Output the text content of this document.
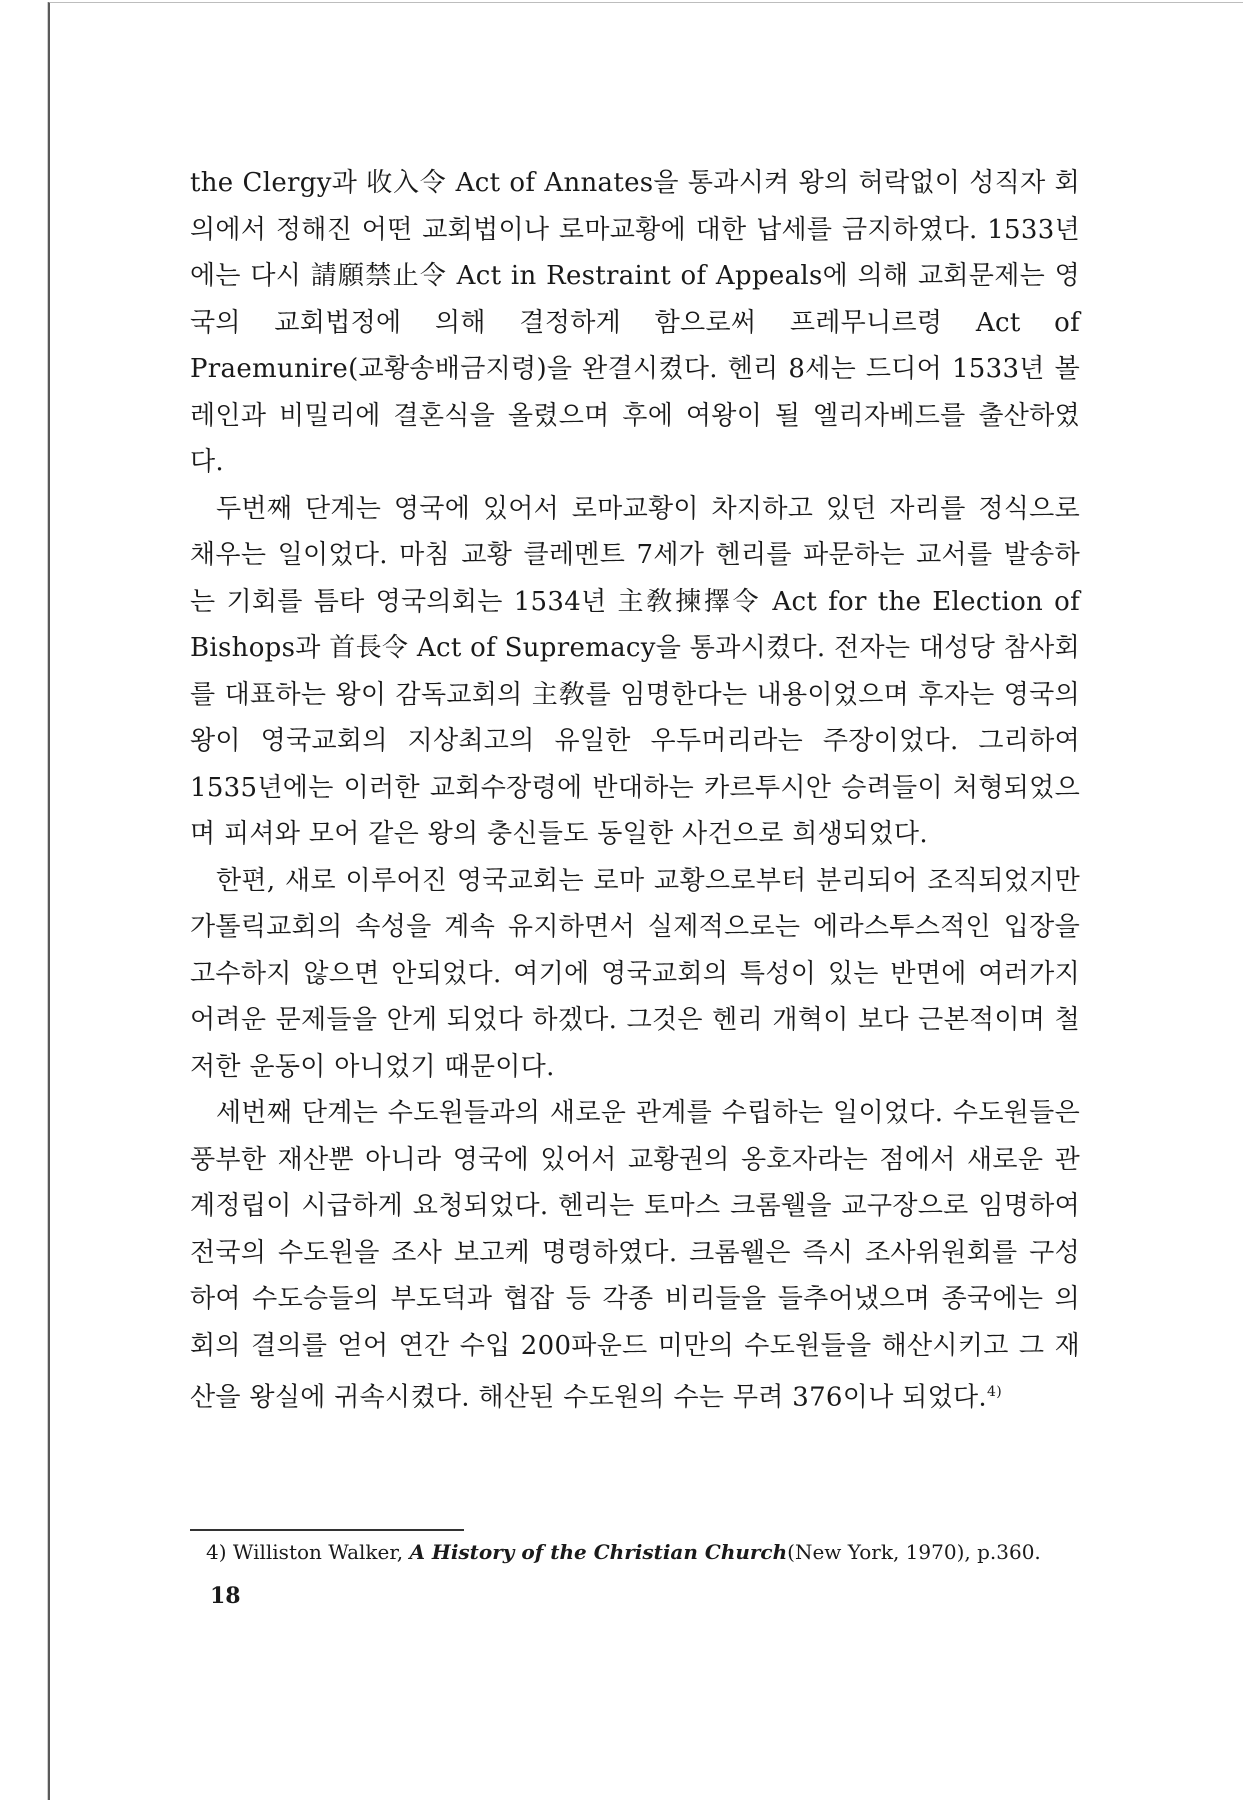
the Clergy과 收入令 Act of Annates을 통과시켜 왕의 허락없이 성직자 회의에서 정해진 어떤 교회법이나 로마교황에 대한 납세를 금지하였다. 1533년에는 다시 請願禁止令 Act in Restraint of Appeals에 의해 교회문제는 영국의 교회법정에 의해 결정하게 함으로써 프레무니르령 Act of Praemunire(교황송배금지령)을 완결시켰다. 헨리 8세는 드디어 1533년 볼레인과 비밀리에 결혼식을 올렸으며 후에 여왕이 될 엘리자베드를 출산하였다.

두번째 단계는 영국에 있어서 로마교황이 차지하고 있던 자리를 정식으로 채우는 일이었다. 마침 교황 클레멘트 7세가 헨리를 파문하는 교서를 발송하는 기회를 틈타 영국의회는 1534년 主敎揀擇令 Act for the Election of Bishops과 首長令 Act of Supremacy을 통과시켰다. 전자는 대성당 참사회를 대표하는 왕이 감독교회의 主敎를 임명한다는 내용이었으며 후자는 영국의 왕이 영국교회의 지상최고의 유일한 우두머리라는 주장이었다. 그리하여 1535년에는 이러한 교회수장령에 반대하는 카르투시안 승려들이 처형되었으며 피셔와 모어 같은 왕의 충신들도 동일한 사건으로 희생되었다.

한편, 새로 이루어진 영국교회는 로마 교황으로부터 분리되어 조직되었지만 가톨릭교회의 속성을 계속 유지하면서 실제적으로는 에라스투스적인 입장을 고수하지 않으면 안되었다. 여기에 영국교회의 특성이 있는 반면에 여러가지 어려운 문제들을 안게 되었다 하겠다. 그것은 헨리 개혁이 보다 근본적이며 철저한 운동이 아니었기 때문이다.

세번째 단계는 수도원들과의 새로운 관계를 수립하는 일이었다. 수도원들은 풍부한 재산뿐 아니라 영국에 있어서 교황권의 옹호자라는 점에서 새로운 관계정립이 시급하게 요청되었다. 헨리는 토마스 크롬웰을 교구장으로 임명하여 전국의 수도원을 조사 보고케 명령하였다. 크롬웰은 즉시 조사위원회를 구성하여 수도승들의 부도덕과 협잡 등 각종 비리들을 들추어냈으며 종국에는 의회의 결의를 얻어 연간 수입 200파운드 미만의 수도원들을 해산시키고 그 재산을 왕실에 귀속시켰다. 해산된 수도원의 수는 무려 376이나 되었다.$^{4)}$

4) Williston Walker, A History of the Christian Church(New York, 1970), p.360.
18
